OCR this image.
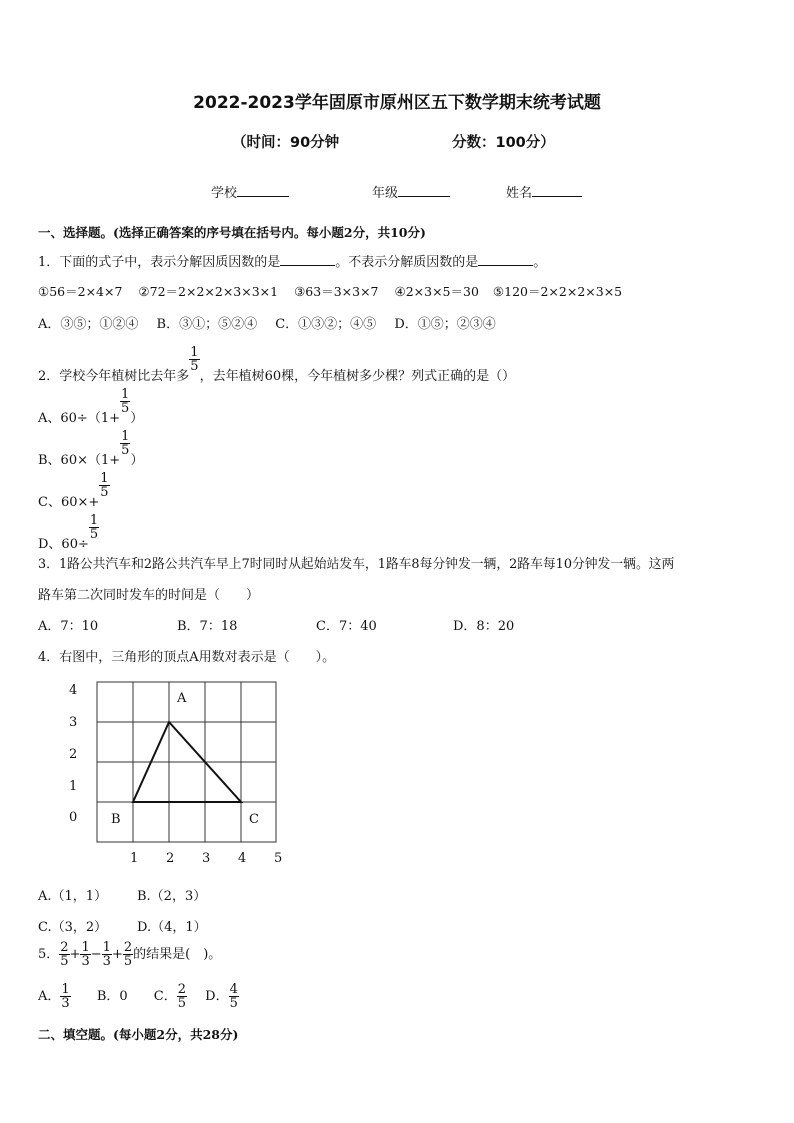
2022-2023学年固原市原州区五下数学期末统考试题
（时间：90分钟	分数：100分）
学校	年级	姓名
一、选择题。(选择正确答案的序号填在括号内。每小题2分，共10分)
1．下面的式子中，表示分解因质因数的是	。不表示分解质因数的是	。
①56＝2×4×7 ②72＝2×2×2×3×3×1 ③63＝3×3×7 ④2×3×5＝30 ⑤120＝2×2×2×3×5
A．③⑤；①②④ B．③①；⑤②④ C．①③②；④⑤ D．①⑤；②③④
2．学校今年植树比去年多
$\frac{1}{5}$
，去年植树60棵，今年植树多少棵？列式正确的是（）
A、60÷（1+
$\frac{1}{5}$
）
B、60×（1+
$\frac{1}{5}$
）
C、60×+
$\frac{1}{5}$
D、60÷
$\frac{1}{5}$
3．1路公共汽车和2路公共汽车早上7时同时从起始站发车，1路车8每分钟发一辆，2路车每10分钟发一辆。这两
路车第二次同时发车的时间是（　　）
A．7：10	B．7：18	C．7：40	D．8：20
4．右图中，三角形的顶点A用数对表示是（　　）。
4
3
2
1
0
1 2 3 4 5
A
B	C
A.（1，1） B.（2，3）
C.（3，2） D.（4，1）
5． $\frac{2}{5} + \frac{1}{3} - \frac{1}{3} + \frac{2}{5}$ 的结果是(　)。
A． $\frac{1}{3}$ B．0 C． $\frac{2}{5}$ D． $\frac{4}{5}$
二、填空题。(每小题2分，共28分)
